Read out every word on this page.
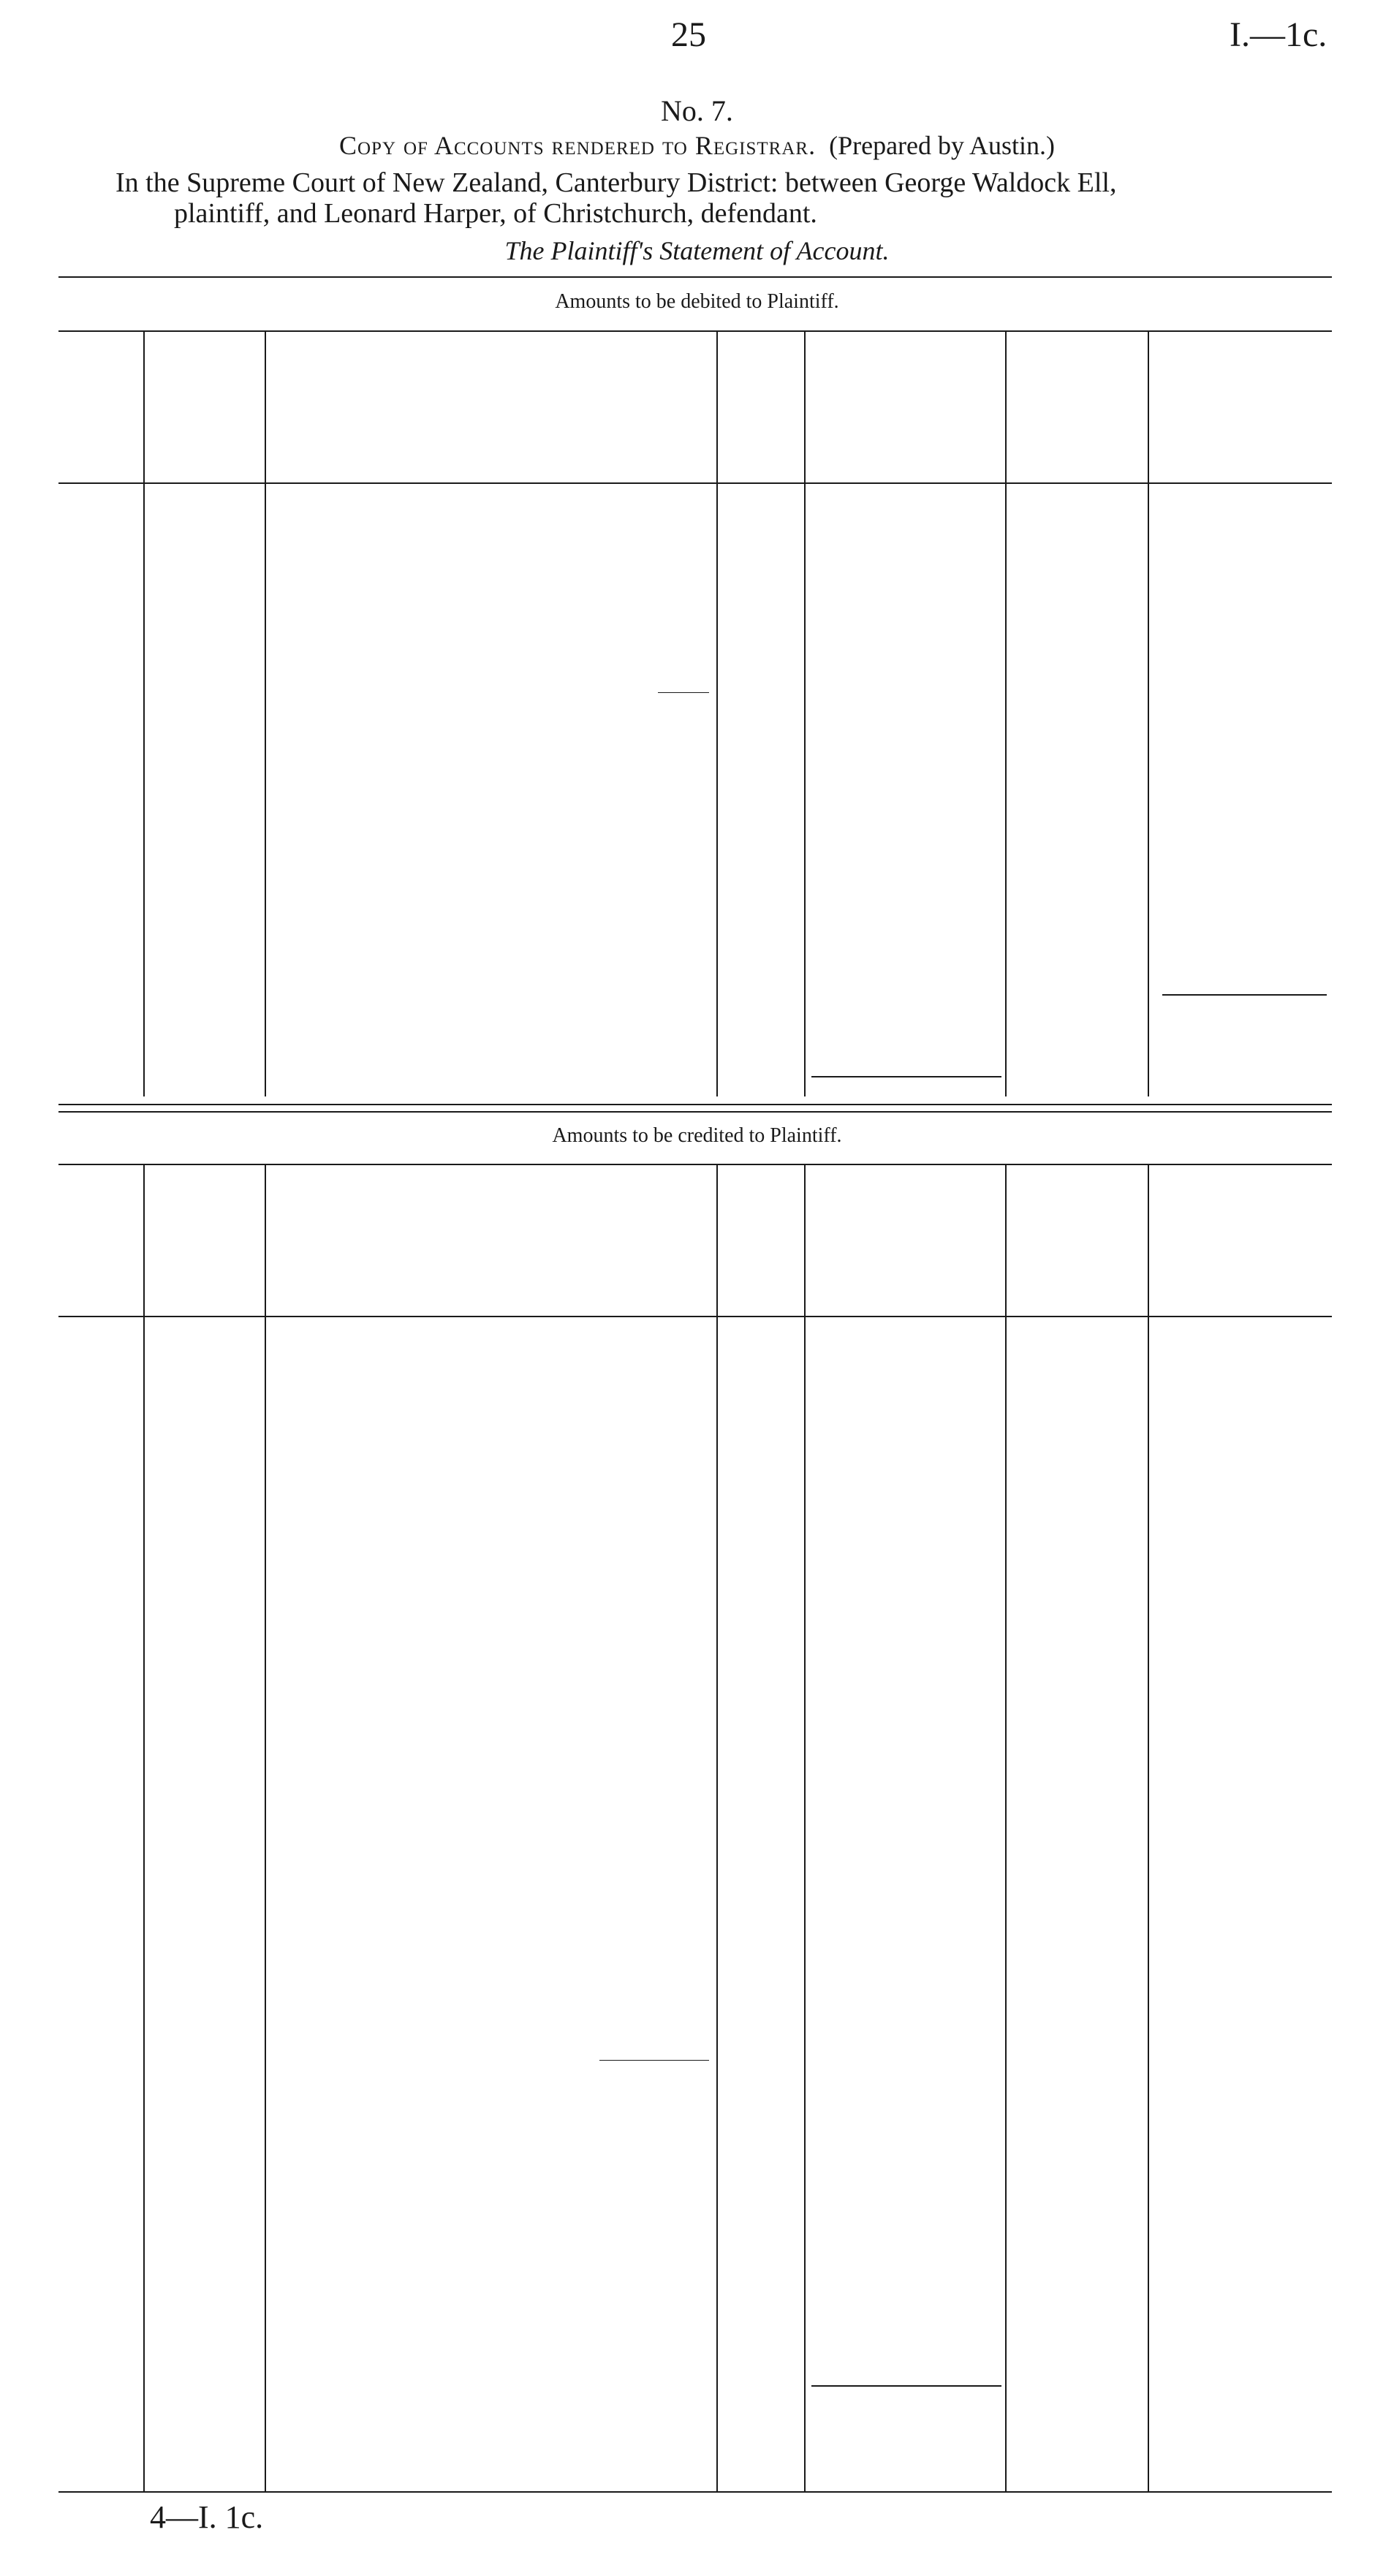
25	I.—1c.
No. 7.
Copy of Accounts rendered to Registrar. (Prepared by Austin.)
In the Supreme Court of New Zealand, Canterbury District: between George Waldock Ell,
plaintiff, and Leonard Harper, of Christchurch, defendant.
The Plaintiff's Statement of Account.
Amounts to be debited to Plaintiff.
Amounts to be credited to Plaintiff.
4—I. 1c.
